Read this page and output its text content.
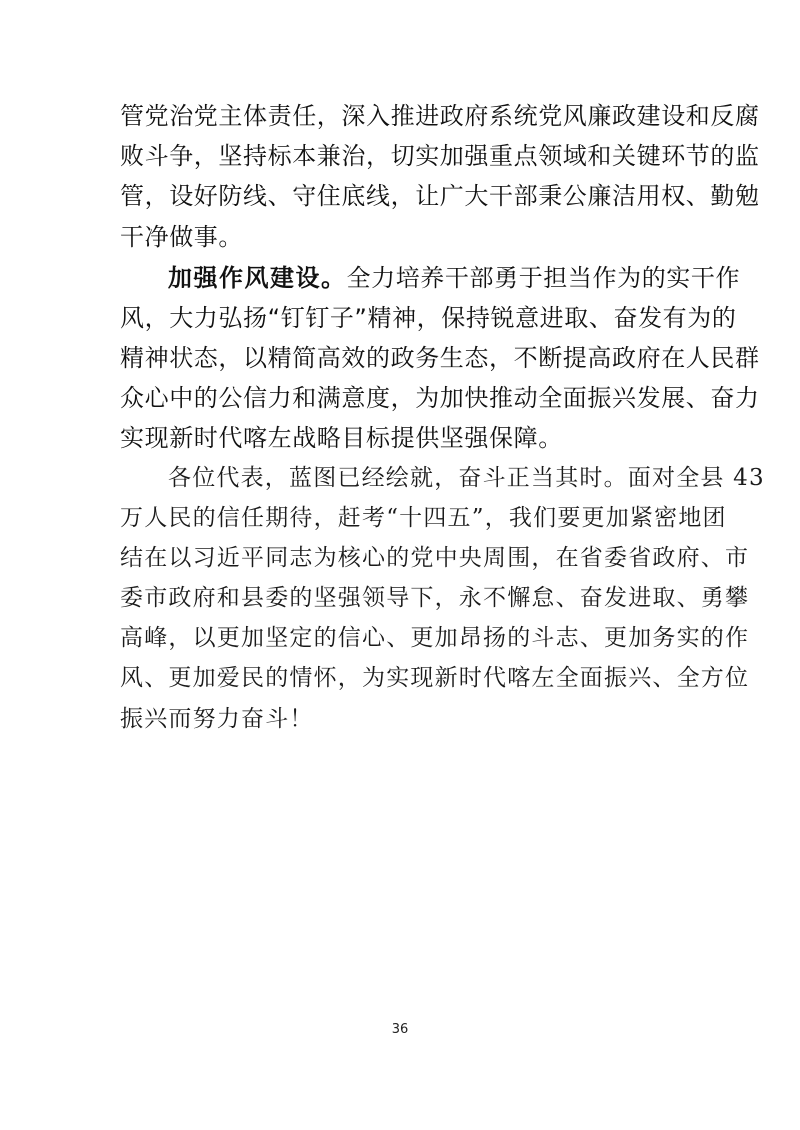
管党治党主体责任，深入推进政府系统党风廉政建设和反腐
败斗争，坚持标本兼治，切实加强重点领域和关键环节的监
管，设好防线、守住底线，让广大干部秉公廉洁用权、勤勉
干净做事。
加强作风建设。全力培养干部勇于担当作为的实干作
风，大力弘扬“钉钉子”精神，保持锐意进取、奋发有为的
精神状态，以精简高效的政务生态，不断提高政府在人民群
众心中的公信力和满意度，为加快推动全面振兴发展、奋力
实现新时代喀左战略目标提供坚强保障。
各位代表，蓝图已经绘就，奋斗正当其时。面对全县 43
万人民的信任期待，赶考“十四五”，我们要更加紧密地团
结在以习近平同志为核心的党中央周围，在省委省政府、市
委市政府和县委的坚强领导下，永不懈怠、奋发进取、勇攀
高峰，以更加坚定的信心、更加昂扬的斗志、更加务实的作
风、更加爱民的情怀，为实现新时代喀左全面振兴、全方位
振兴而努力奋斗！
36
